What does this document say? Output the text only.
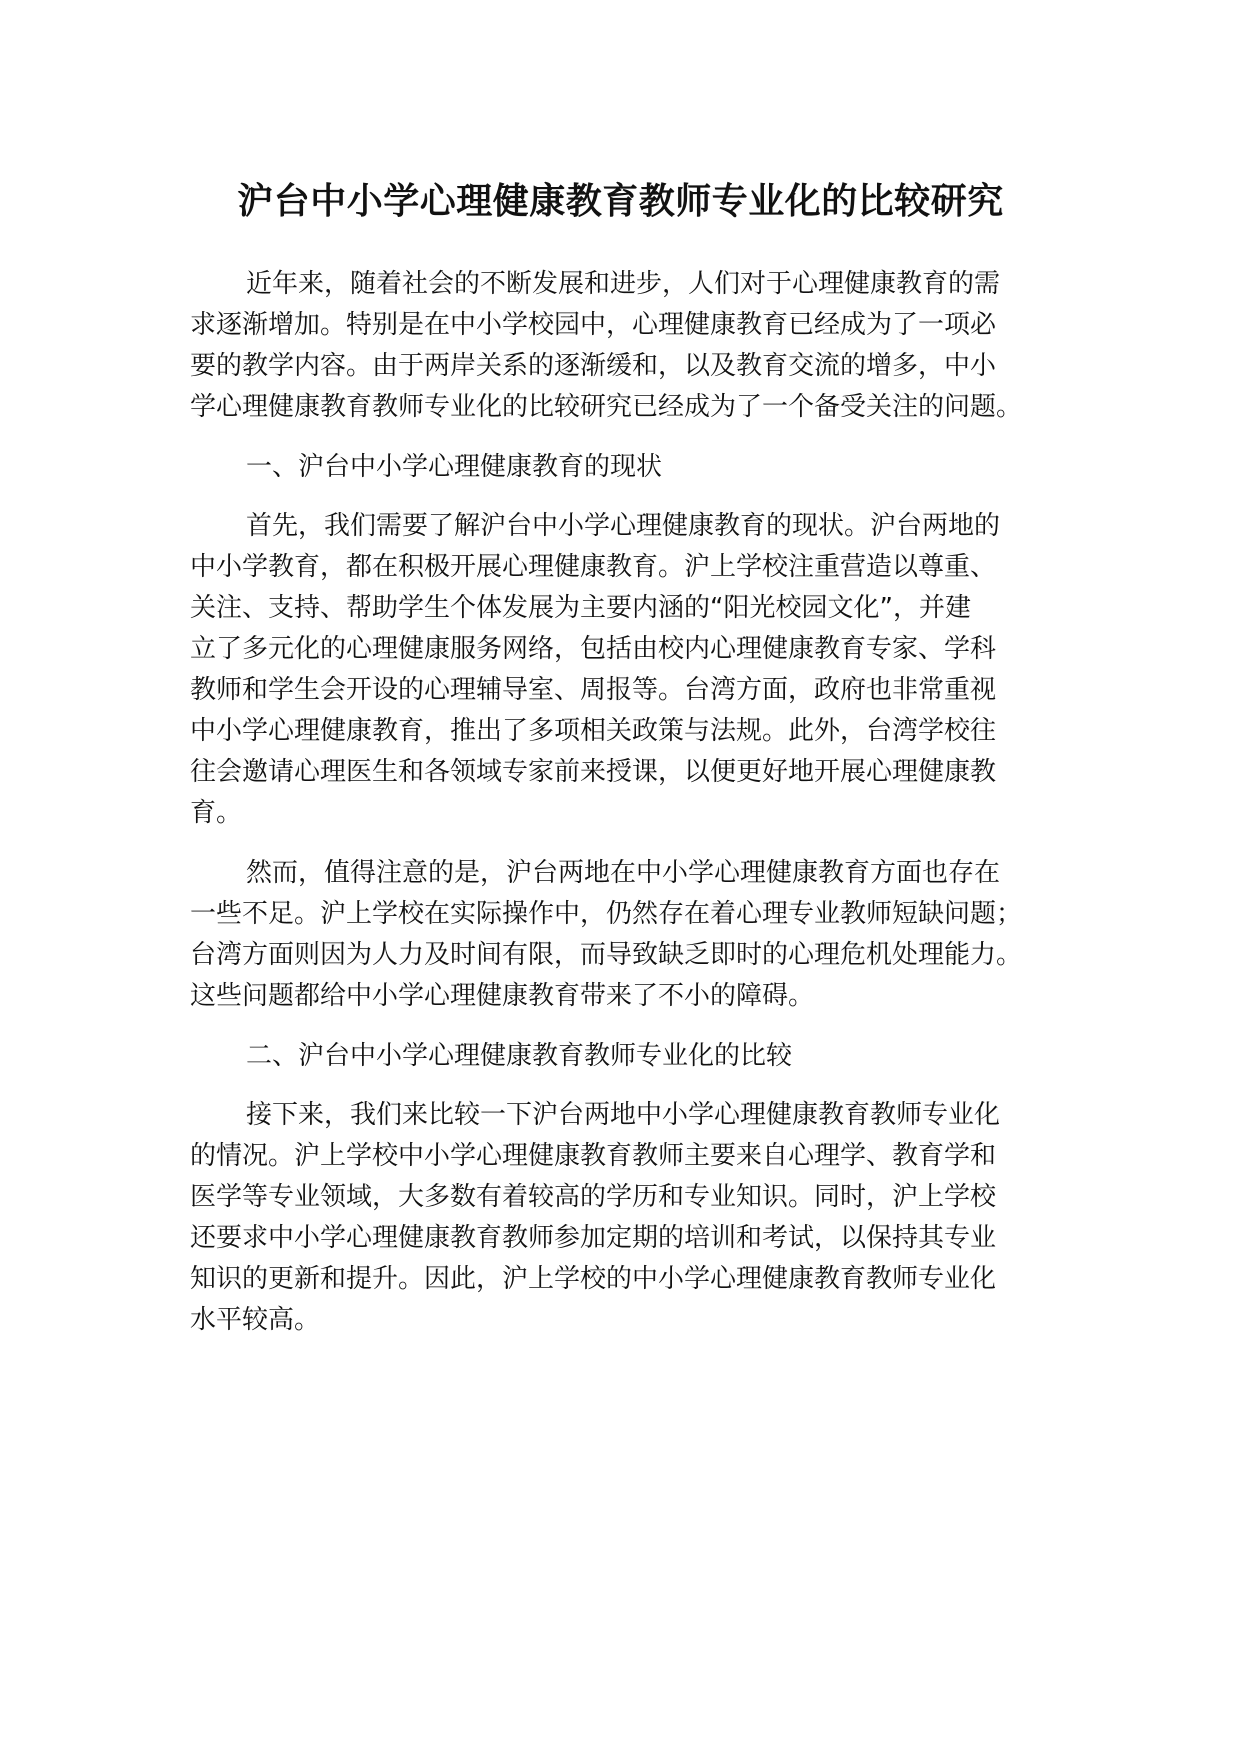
沪台中小学心理健康教育教师专业化的比较研究

近年来，随着社会的不断发展和进步，人们对于心理健康教育的需

求逐渐增加。特别是在中小学校园中，心理健康教育已经成为了一项必

要的教学内容。由于两岸关系的逐渐缓和，以及教育交流的增多，中小

学心理健康教育教师专业化的比较研究已经成为了一个备受关注的问题。

一、沪台中小学心理健康教育的现状

首先，我们需要了解沪台中小学心理健康教育的现状。沪台两地的

中小学教育，都在积极开展心理健康教育。沪上学校注重营造以尊重、

关注、支持、帮助学生个体发展为主要内涵的“阳光校园文化”，并建

立了多元化的心理健康服务网络，包括由校内心理健康教育专家、学科

教师和学生会开设的心理辅导室、周报等。台湾方面，政府也非常重视

中小学心理健康教育，推出了多项相关政策与法规。此外，台湾学校往

往会邀请心理医生和各领域专家前来授课，以便更好地开展心理健康教

育。

然而，值得注意的是，沪台两地在中小学心理健康教育方面也存在

一些不足。沪上学校在实际操作中，仍然存在着心理专业教师短缺问题；

台湾方面则因为人力及时间有限，而导致缺乏即时的心理危机处理能力。

这些问题都给中小学心理健康教育带来了不小的障碍。

二、沪台中小学心理健康教育教师专业化的比较

接下来，我们来比较一下沪台两地中小学心理健康教育教师专业化

的情况。沪上学校中小学心理健康教育教师主要来自心理学、教育学和

医学等专业领域，大多数有着较高的学历和专业知识。同时，沪上学校

还要求中小学心理健康教育教师参加定期的培训和考试，以保持其专业

知识的更新和提升。因此，沪上学校的中小学心理健康教育教师专业化

水平较高。
